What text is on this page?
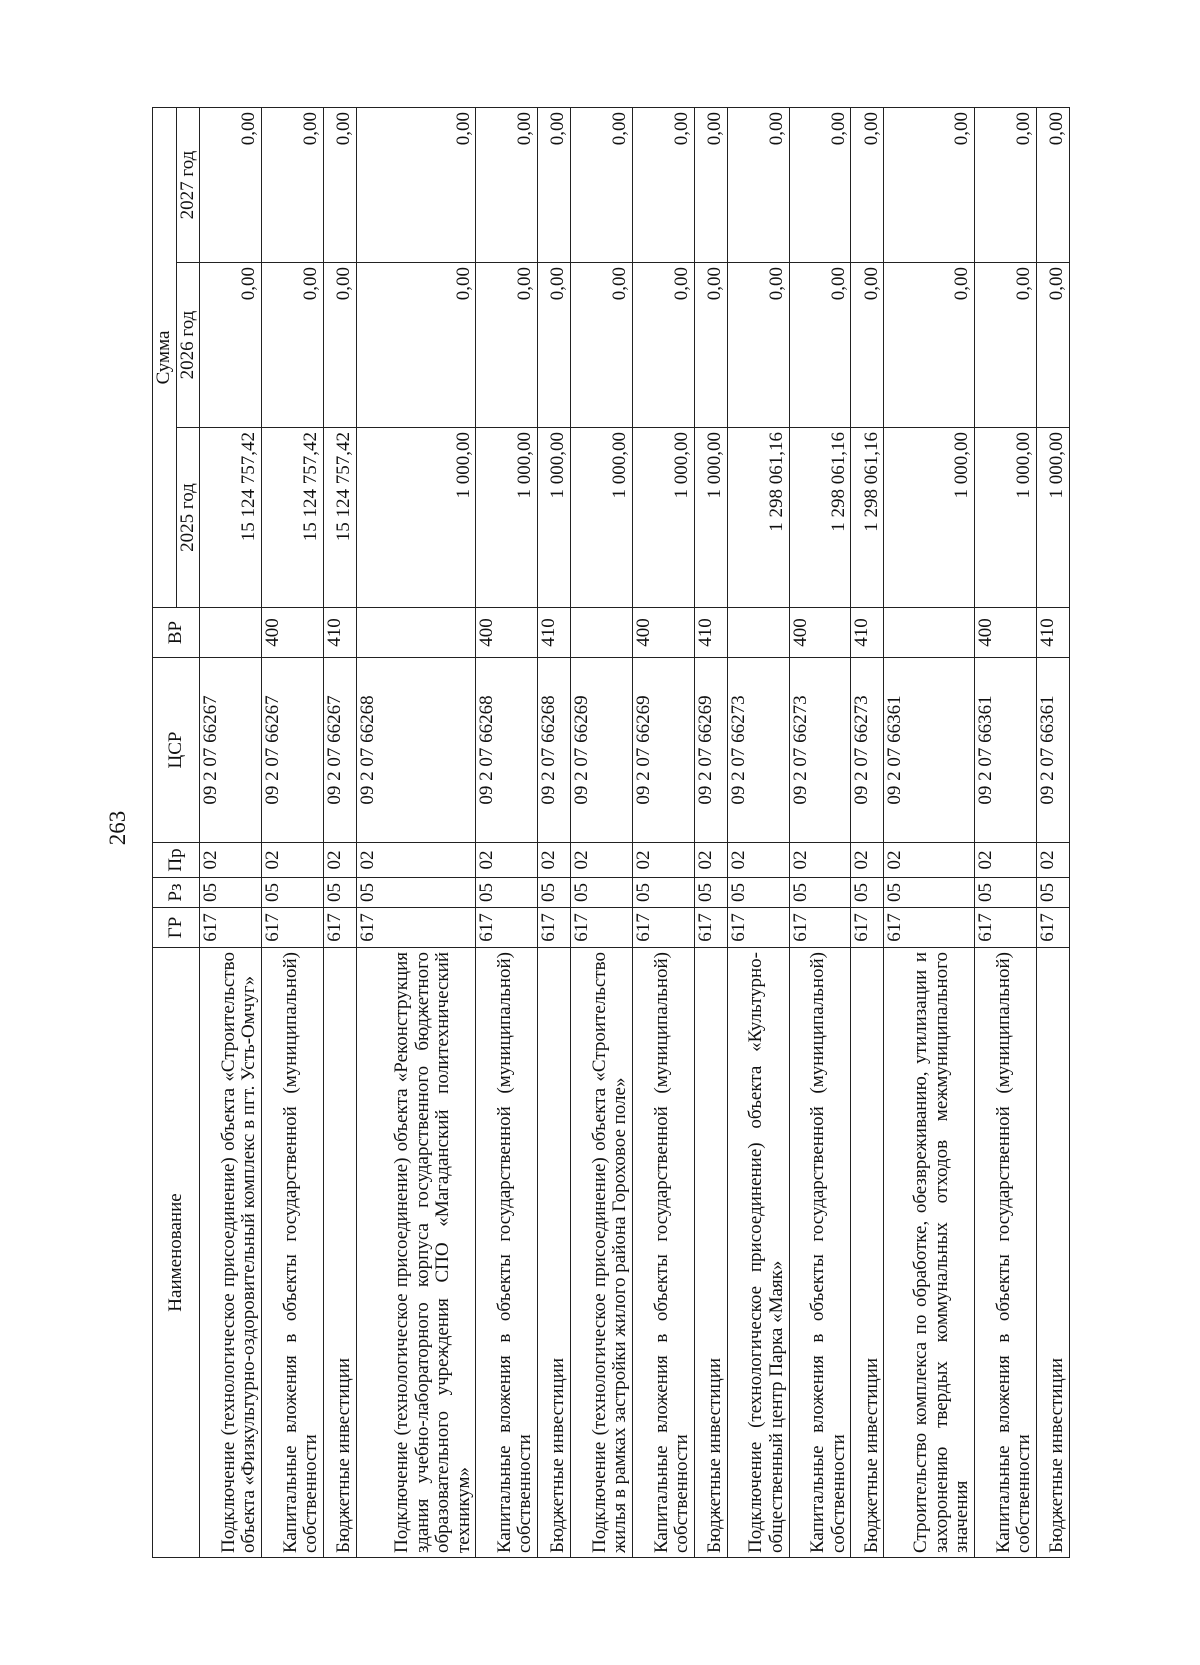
263
Наименование	ГР	Рз	Пр	ЦСР	ВР	Сумма		
						2025 год	2026 год	2027 год
Подключение (технологическое присоединение) объекта «Строительство объекта «Физкультурно-оздоровительный комплекс в пгт. Усть-Омчуг»	617	05	02	09 2 07 66267		15 124 757,42	0,00	0,00
Капитальные вложения в объекты государственной (муниципальной) собственности	617	05	02	09 2 07 66267	400	15 124 757,42	0,00	0,00
Бюджетные инвестиции	617	05	02	09 2 07 66267	410	15 124 757,42	0,00	0,00
Подключение (технологическое присоединение) объекта «Реконструкция здания учебно-лабораторного корпуса государственного бюджетного образовательного учреждения СПО «Магаданский политехнический техникум»	617	05	02	09 2 07 66268		1 000,00	0,00	0,00
Капитальные вложения в объекты государственной (муниципальной) собственности	617	05	02	09 2 07 66268	400	1 000,00	0,00	0,00
Бюджетные инвестиции	617	05	02	09 2 07 66268	410	1 000,00	0,00	0,00
Подключение (технологическое присоединение) объекта «Строительство жилья в рамках застройки жилого района Гороховое поле»	617	05	02	09 2 07 66269		1 000,00	0,00	0,00
Капитальные вложения в объекты государственной (муниципальной) собственности	617	05	02	09 2 07 66269	400	1 000,00	0,00	0,00
Бюджетные инвестиции	617	05	02	09 2 07 66269	410	1 000,00	0,00	0,00
Подключение (технологическое присоединение) объекта «Культурно-общественный центр Парка «Маяк»	617	05	02	09 2 07 66273		1 298 061,16	0,00	0,00
Капитальные вложения в объекты государственной (муниципальной) собственности	617	05	02	09 2 07 66273	400	1 298 061,16	0,00	0,00
Бюджетные инвестиции	617	05	02	09 2 07 66273	410	1 298 061,16	0,00	0,00
Строительство комплекса по обработке, обезвреживанию, утилизации и захоронению твердых коммунальных отходов межмуниципального значения	617	05	02	09 2 07 66361		1 000,00	0,00	0,00
Капитальные вложения в объекты государственной (муниципальной) собственности	617	05	02	09 2 07 66361	400	1 000,00	0,00	0,00
Бюджетные инвестиции	617	05	02	09 2 07 66361	410	1 000,00	0,00	0,00
